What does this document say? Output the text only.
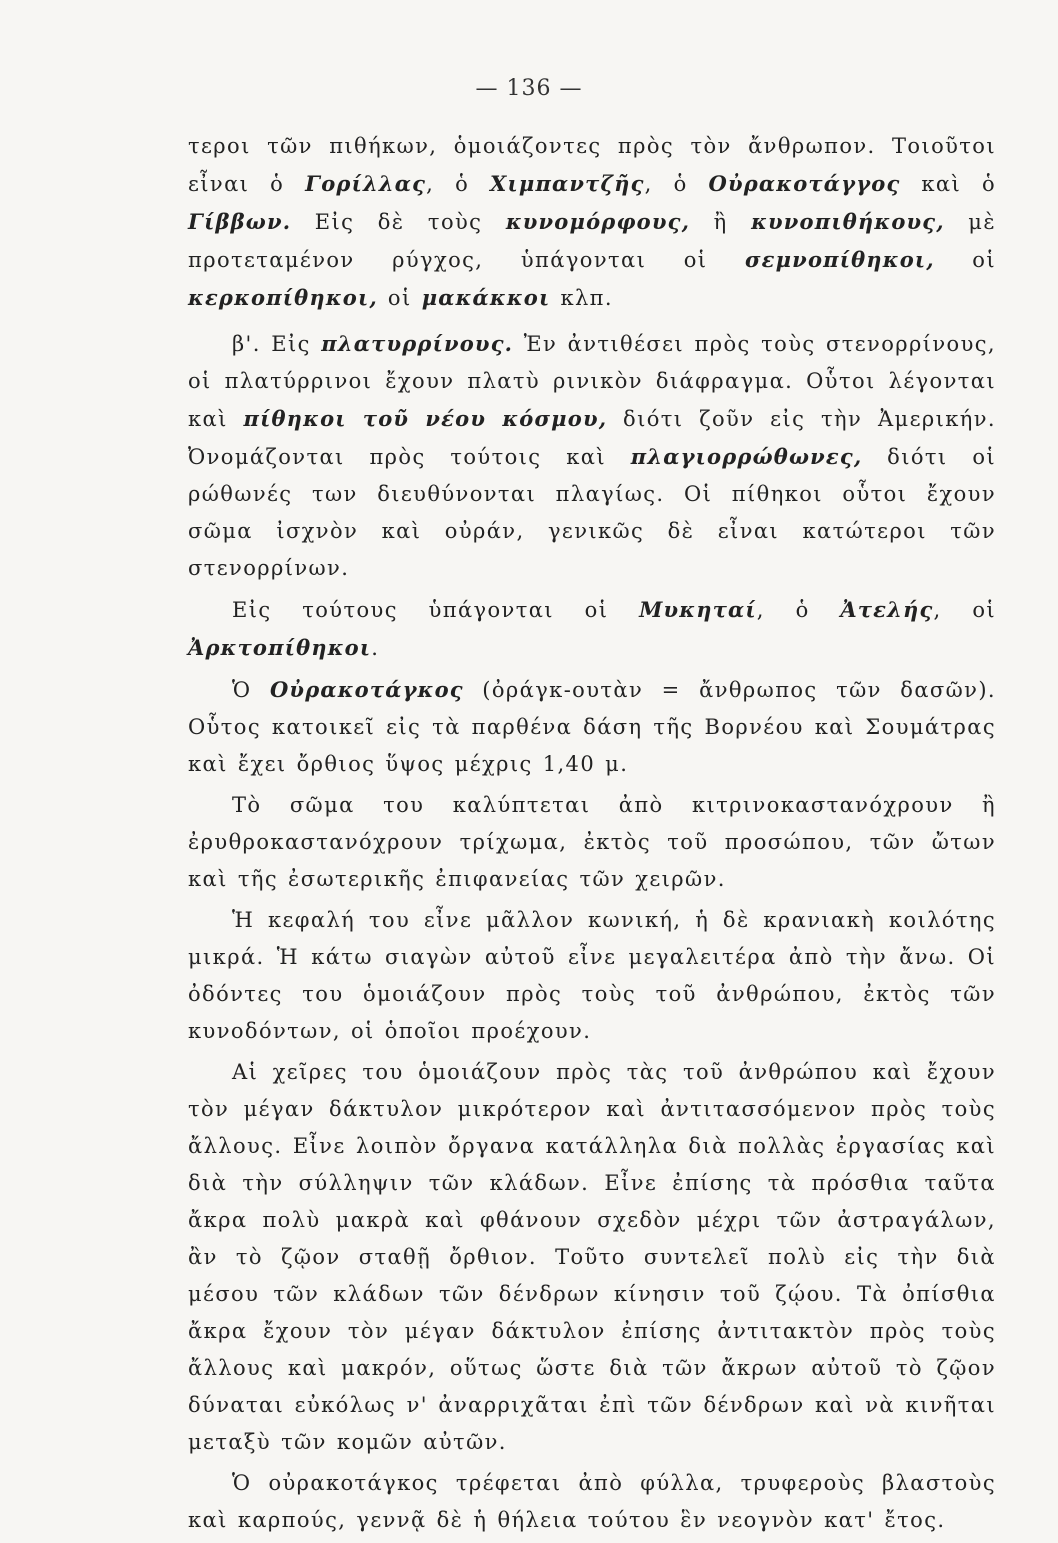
— 136 —

τεροι τῶν πιθήκων, ὁμοιάζοντες πρὸς τὸν ἄνθρωπον. Τοιοῦτοι εἶναι ὁ Γορίλλας, ὁ Χιμπαντζῆς, ὁ Οὐρακοτάγγος καὶ ὁ Γίββων. Εἰς δὲ τοὺς κυνομόρφους, ἢ κυνοπιθήκους, μὲ προτεταμένον ρύγχος, ὑπάγονται οἱ σεμνοπίθηκοι, οἱ κερκοπίθηκοι, οἱ μακάκκοι κλπ.

β'. Εἰς πλατυρρίνους. Ἐν ἀντιθέσει πρὸς τοὺς στενορρίνους, οἱ πλατύρρινοι ἔχουν πλατὺ ρινικὸν διάφραγμα. Οὗτοι λέγονται καὶ πίθηκοι τοῦ νέου κόσμου, διότι ζοῦν εἰς τὴν Ἀμερικήν. Ὀνομάζονται πρὸς τούτοις καὶ πλαγιορρώθωνες, διότι οἱ ρώθωνές των διευθύνονται πλαγίως. Οἱ πίθηκοι οὗτοι ἔχουν σῶμα ἰσχνὸν καὶ οὐράν, γενικῶς δὲ εἶναι κατώτεροι τῶν στενορρίνων.

Εἰς τούτους ὑπάγονται οἱ Μυκηταί, ὁ Ἀτελής, οἱ Ἀρκτοπίθηκοι.

Ὁ Οὐρακοτάγκος (ὀράγκ-ουτὰν = ἄνθρωπος τῶν δασῶν). Οὗτος κατοικεῖ εἰς τὰ παρθένα δάση τῆς Βορνέου καὶ Σουμάτρας καὶ ἔχει ὄρθιος ὕψος μέχρις 1,40 μ.

Τὸ σῶμα του καλύπτεται ἀπὸ κιτρινοκαστανόχρουν ἢ ἐρυθροκαστανόχρουν τρίχωμα, ἐκτὸς τοῦ προσώπου, τῶν ὤτων καὶ τῆς ἐσωτερικῆς ἐπιφανείας τῶν χειρῶν.

Ἡ κεφαλή του εἶνε μᾶλλον κωνική, ἡ δὲ κρανιακὴ κοιλότης μικρά. Ἡ κάτω σιαγὼν αὐτοῦ εἶνε μεγαλειτέρα ἀπὸ τὴν ἄνω. Οἱ ὀδόντες του ὁμοιάζουν πρὸς τοὺς τοῦ ἀνθρώπου, ἐκτὸς τῶν κυνοδόντων, οἱ ὁποῖοι προέχουν.

Αἱ χεῖρες του ὁμοιάζουν πρὸς τὰς τοῦ ἀνθρώπου καὶ ἔχουν τὸν μέγαν δάκτυλον μικρότερον καὶ ἀντιτασσόμενον πρὸς τοὺς ἄλλους. Εἶνε λοιπὸν ὄργανα κατάλληλα διὰ πολλὰς ἐργασίας καὶ διὰ τὴν σύλληψιν τῶν κλάδων. Εἶνε ἐπίσης τὰ πρόσθια ταῦτα ἄκρα πολὺ μακρὰ καὶ φθάνουν σχεδὸν μέχρι τῶν ἀστραγάλων, ἂν τὸ ζῷον σταθῇ ὄρθιον. Τοῦτο συντελεῖ πολὺ εἰς τὴν διὰ μέσου τῶν κλάδων τῶν δένδρων κίνησιν τοῦ ζῴου. Τὰ ὀπίσθια ἄκρα ἔχουν τὸν μέγαν δάκτυλον ἐπίσης ἀντιτακτὸν πρὸς τοὺς ἄλλους καὶ μακρόν, οὕτως ὥστε διὰ τῶν ἄκρων αὐτοῦ τὸ ζῷον δύναται εὐκόλως ν' ἀναρριχᾶται ἐπὶ τῶν δένδρων καὶ νὰ κινῆται μεταξὺ τῶν κομῶν αὐτῶν.

Ὁ οὐρακοτάγκος τρέφεται ἀπὸ φύλλα, τρυφεροὺς βλαστοὺς καὶ καρπούς, γεννᾷ δὲ ἡ θήλεια τούτου ἓν νεογνὸν κατ' ἔτος.
